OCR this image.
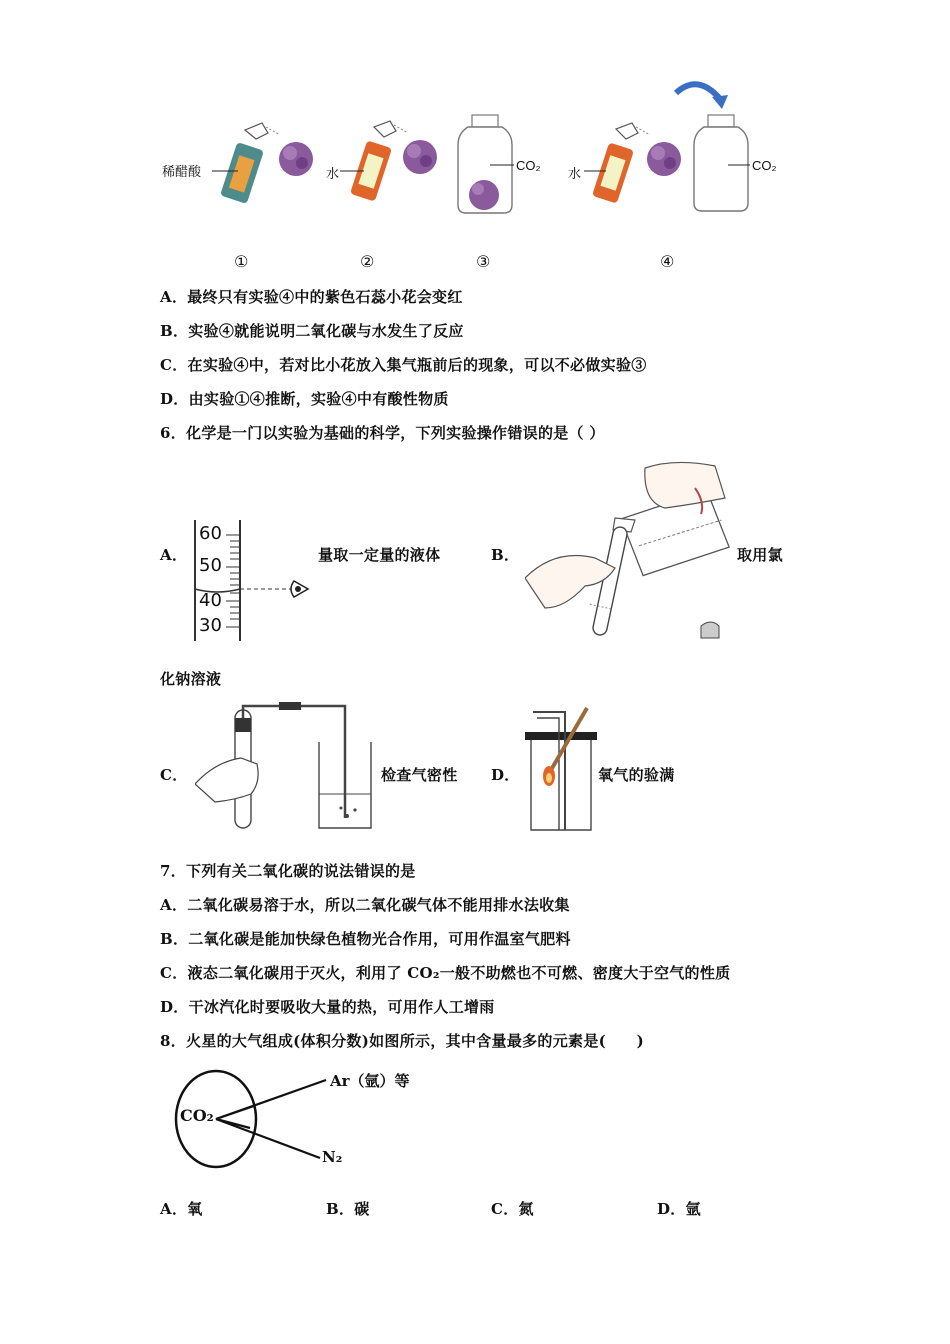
稀醋酸	水
CO₂
水
CO₂
①	②	③	④
A．最终只有实验④中的紫色石蕊小花会变红
B．实验④就能说明二氧化碳与水发生了反应
C．在实验④中，若对比小花放入集气瓶前后的现象，可以不必做实验③
D．由实验①④推断，实验④中有酸性物质
6．化学是一门以实验为基础的科学，下列实验操作错误的是（ ）
A．
60
50
40
30
量取一定量的液体	B．	取用氯
化钠溶液
C．	检查气密性 D．	氧气的验满
7．下列有关二氧化碳的说法错误的是
A．二氧化碳易溶于水，所以二氧化碳气体不能用排水法收集
B．二氧化碳是能加快绿色植物光合作用，可用作温室气肥料
C．液态二氧化碳用于灭火，利用了 CO₂一般不助燃也不可燃、密度大于空气的性质
D．干冰汽化时要吸收大量的热，可用作人工增雨
8．火星的大气组成(体积分数)如图所示，其中含量最多的元素是(　　)
CO₂
Ar（氩）等
N₂
A．氧	B．碳	C．氮	D．氩
